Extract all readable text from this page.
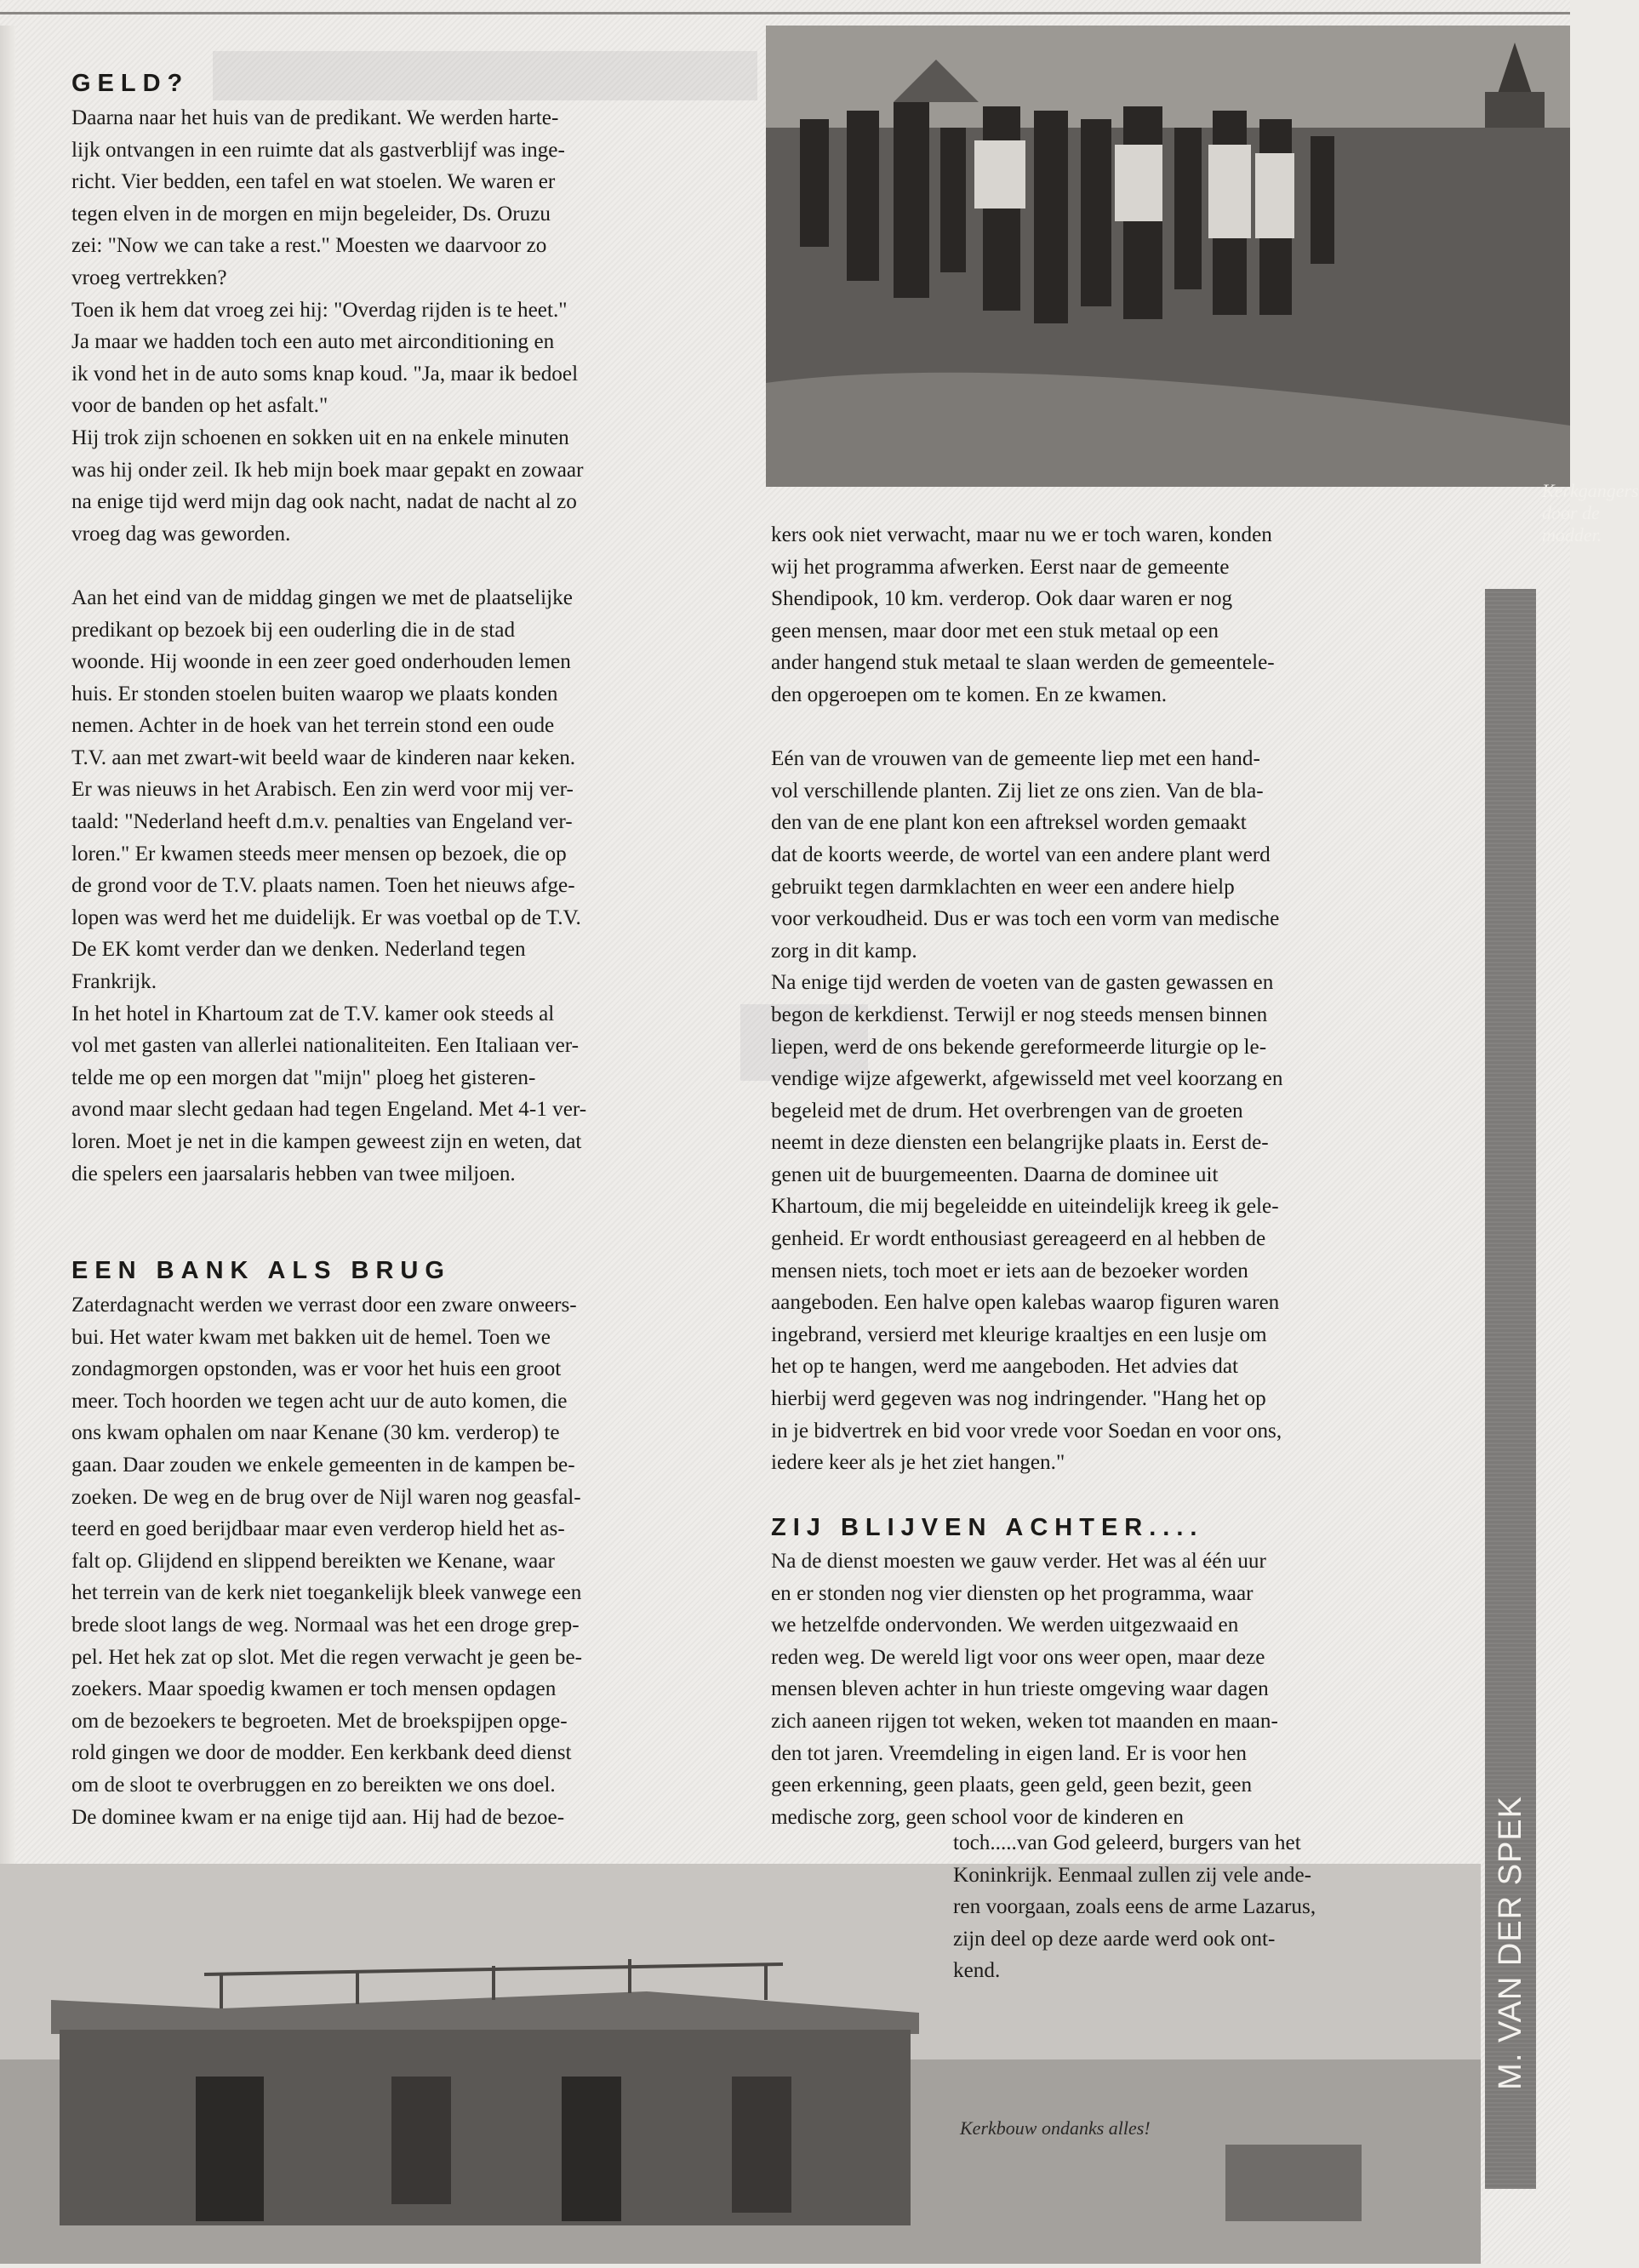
Kerkgangers door de modder.
GELD?

Daarna naar het huis van de predikant. We werden harte-

lijk ontvangen in een ruimte dat als gastverblijf was inge-

richt. Vier bedden, een tafel en wat stoelen. We waren er

tegen elven in de morgen en mijn begeleider, Ds. Oruzu

zei: "Now we can take a rest." Moesten we daarvoor zo

vroeg vertrekken?

Toen ik hem dat vroeg zei hij: "Overdag rijden is te heet."

Ja maar we hadden toch een auto met airconditioning en

ik vond het in de auto soms knap koud. "Ja, maar ik bedoel

voor de banden op het asfalt."

Hij trok zijn schoenen en sokken uit en na enkele minuten

was hij onder zeil. Ik heb mijn boek maar gepakt en zowaar

na enige tijd werd mijn dag ook nacht, nadat de nacht al zo

vroeg dag was geworden.

Aan het eind van de middag gingen we met de plaatselijke

predikant op bezoek bij een ouderling die in de stad

woonde. Hij woonde in een zeer goed onderhouden lemen

huis. Er stonden stoelen buiten waarop we plaats konden

nemen. Achter in de hoek van het terrein stond een oude

T.V. aan met zwart-wit beeld waar de kinderen naar keken.

Er was nieuws in het Arabisch. Een zin werd voor mij ver-

taald: "Nederland heeft d.m.v. penalties van Engeland ver-

loren." Er kwamen steeds meer mensen op bezoek, die op

de grond voor de T.V. plaats namen. Toen het nieuws afge-

lopen was werd het me duidelijk. Er was voetbal op de T.V.

De EK komt verder dan we denken. Nederland tegen

Frankrijk.

In het hotel in Khartoum zat de T.V. kamer ook steeds al

vol met gasten van allerlei nationaliteiten. Een Italiaan ver-

telde me op een morgen dat "mijn" ploeg het gisteren-

avond maar slecht gedaan had tegen Engeland. Met 4-1 ver-

loren. Moet je net in die kampen geweest zijn en weten, dat

die spelers een jaarsalaris hebben van twee miljoen.

EEN BANK ALS BRUG

Zaterdagnacht werden we verrast door een zware onweers-

bui. Het water kwam met bakken uit de hemel. Toen we

zondagmorgen opstonden, was er voor het huis een groot

meer. Toch hoorden we tegen acht uur de auto komen, die

ons kwam ophalen om naar Kenane (30 km. verderop) te

gaan. Daar zouden we enkele gemeenten in de kampen be-

zoeken. De weg en de brug over de Nijl waren nog geasfal-

teerd en goed berijdbaar maar even verderop hield het as-

falt op. Glijdend en slippend bereikten we Kenane, waar

het terrein van de kerk niet toegankelijk bleek vanwege een

brede sloot langs de weg. Normaal was het een droge grep-

pel. Het hek zat op slot. Met die regen verwacht je geen be-

zoekers. Maar spoedig kwamen er toch mensen opdagen

om de bezoekers te begroeten. Met de broekspijpen opge-

rold gingen we door de modder. Een kerkbank deed dienst

om de sloot te overbruggen en zo bereikten we ons doel.

De dominee kwam er na enige tijd aan. Hij had de bezoe-

kers ook niet verwacht, maar nu we er toch waren, konden

wij het programma afwerken. Eerst naar de gemeente

Shendipook, 10 km. verderop. Ook daar waren er nog

geen mensen, maar door met een stuk metaal op een

ander hangend stuk metaal te slaan werden de gemeentele-

den opgeroepen om te komen. En ze kwamen.

Eén van de vrouwen van de gemeente liep met een hand-

vol verschillende planten. Zij liet ze ons zien. Van de bla-

den van de ene plant kon een aftreksel worden gemaakt

dat de koorts weerde, de wortel van een andere plant werd

gebruikt tegen darmklachten en weer een andere hielp

voor verkoudheid. Dus er was toch een vorm van medische

zorg in dit kamp.

Na enige tijd werden de voeten van de gasten gewassen en

begon de kerkdienst. Terwijl er nog steeds mensen binnen

liepen, werd de ons bekende gereformeerde liturgie op le-

vendige wijze afgewerkt, afgewisseld met veel koorzang en

begeleid met de drum. Het overbrengen van de groeten

neemt in deze diensten een belangrijke plaats in. Eerst de-

genen uit de buurgemeenten. Daarna de dominee uit

Khartoum, die mij begeleidde en uiteindelijk kreeg ik gele-

genheid. Er wordt enthousiast gereageerd en al hebben de

mensen niets, toch moet er iets aan de bezoeker worden

aangeboden. Een halve open kalebas waarop figuren waren

ingebrand, versierd met kleurige kraaltjes en een lusje om

het op te hangen, werd me aangeboden. Het advies dat

hierbij werd gegeven was nog indringender. "Hang het op

in je bidvertrek en bid voor vrede voor Soedan en voor ons,

iedere keer als je het ziet hangen."

ZIJ BLIJVEN ACHTER....

Na de dienst moesten we gauw verder. Het was al één uur

en er stonden nog vier diensten op het programma, waar

we hetzelfde ondervonden. We werden uitgezwaaid en

reden weg. De wereld ligt voor ons weer open, maar deze

mensen bleven achter in hun trieste omgeving waar dagen

zich aaneen rijgen tot weken, weken tot maanden en maan-

den tot jaren. Vreemdeling in eigen land. Er is voor hen

geen erkenning, geen plaats, geen geld, geen bezit, geen

medische zorg, geen school voor de kinderen en

Kerkbouw ondanks alles!

toch.....van God geleerd, burgers van het

Koninkrijk. Eenmaal zullen zij vele ande-

ren voorgaan, zoals eens de arme Lazarus,

zijn deel op deze aarde werd ook ont-

kend.	M. VAN DER SPEK
